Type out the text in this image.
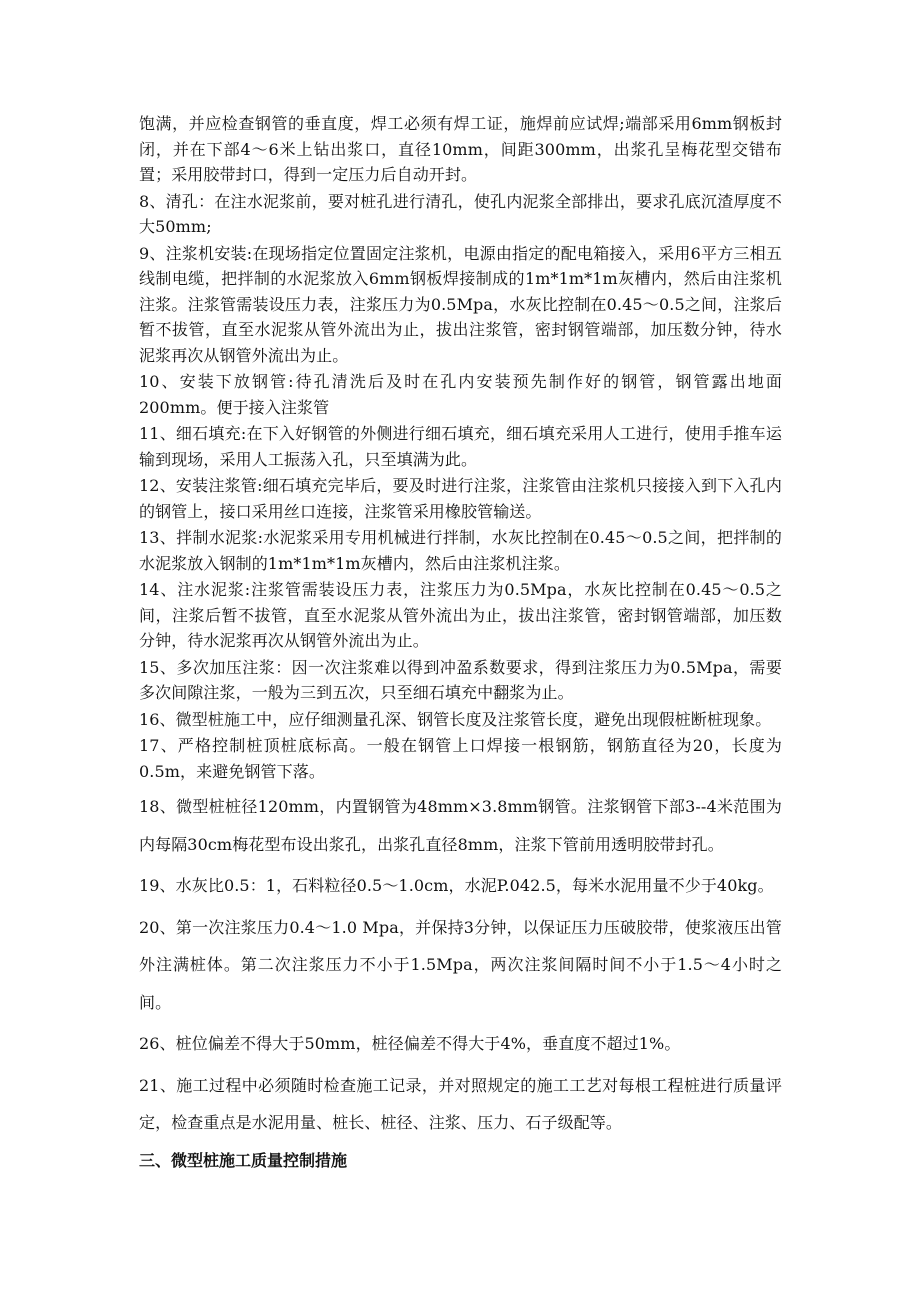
饱满，并应检查钢管的垂直度，焊工必须有焊工证，施焊前应试焊;端部采用6mm钢板封闭，并在下部4～6米上钻出浆口，直径10mm，间距300mm，出浆孔呈梅花型交错布置；采用胶带封口，得到一定压力后自动开封。

8、清孔：在注水泥浆前，要对桩孔进行清孔，使孔内泥浆全部排出，要求孔底沉渣厚度不大50mm;

9、注浆机安装:在现场指定位置固定注浆机，电源由指定的配电箱接入，采用6平方三相五线制电缆，把拌制的水泥浆放入6mm钢板焊接制成的1m*1m*1m灰槽内，然后由注浆机注浆。注浆管需装设压力表，注浆压力为0.5Mpa，水灰比控制在0.45～0.5之间，注浆后暂不拔管，直至水泥浆从管外流出为止，拔出注浆管，密封钢管端部，加压数分钟，待水泥浆再次从钢管外流出为止。

10、安装下放钢管:待孔清洗后及时在孔内安装预先制作好的钢管，钢管露出地面200mm。便于接入注浆管

11、细石填充:在下入好钢管的外侧进行细石填充，细石填充采用人工进行，使用手推车运输到现场，采用人工振荡入孔，只至填满为此。

12、安装注浆管:细石填充完毕后，要及时进行注浆，注浆管由注浆机只接接入到下入孔内的钢管上，接口采用丝口连接，注浆管采用橡胶管输送。

13、拌制水泥浆:水泥浆采用专用机械进行拌制，水灰比控制在0.45～0.5之间，把拌制的水泥浆放入钢制的1m*1m*1m灰槽内，然后由注浆机注浆。

14、注水泥浆:注浆管需装设压力表，注浆压力为0.5Mpa，水灰比控制在0.45～0.5之间，注浆后暂不拔管，直至水泥浆从管外流出为止，拔出注浆管，密封钢管端部，加压数分钟，待水泥浆再次从钢管外流出为止。

15、多次加压注浆：因一次注浆难以得到冲盈系数要求，得到注浆压力为0.5Mpa，需要多次间隙注浆，一般为三到五次，只至细石填充中翻浆为止。

16、微型桩施工中，应仔细测量孔深、钢管长度及注浆管长度，避免出现假桩断桩现象。

17、严格控制桩顶桩底标高。一般在钢管上口焊接一根钢筋，钢筋直径为20，长度为0.5m，来避免钢管下落。

18、微型桩桩径120mm，内置钢管为48mm×3.8mm钢管。注浆钢管下部3--4米范围为内每隔30cm梅花型布设出浆孔，出浆孔直径8mm，注浆下管前用透明胶带封孔。

19、水灰比0.5：1，石料粒径0.5～1.0cm，水泥P.042.5，每米水泥用量不少于40kg。

20、第一次注浆压力0.4～1.0 Mpa，并保持3分钟，以保证压力压破胶带，使浆液压出管外注满桩体。第二次注浆压力不小于1.5Mpa，两次注浆间隔时间不小于1.5～4小时之间。

26、桩位偏差不得大于50mm，桩径偏差不得大于4%，垂直度不超过1%。

21、施工过程中必须随时检查施工记录，并对照规定的施工工艺对每根工程桩进行质量评定，检查重点是水泥用量、桩长、桩径、注浆、压力、石子级配等。

三、微型桩施工质量控制措施
